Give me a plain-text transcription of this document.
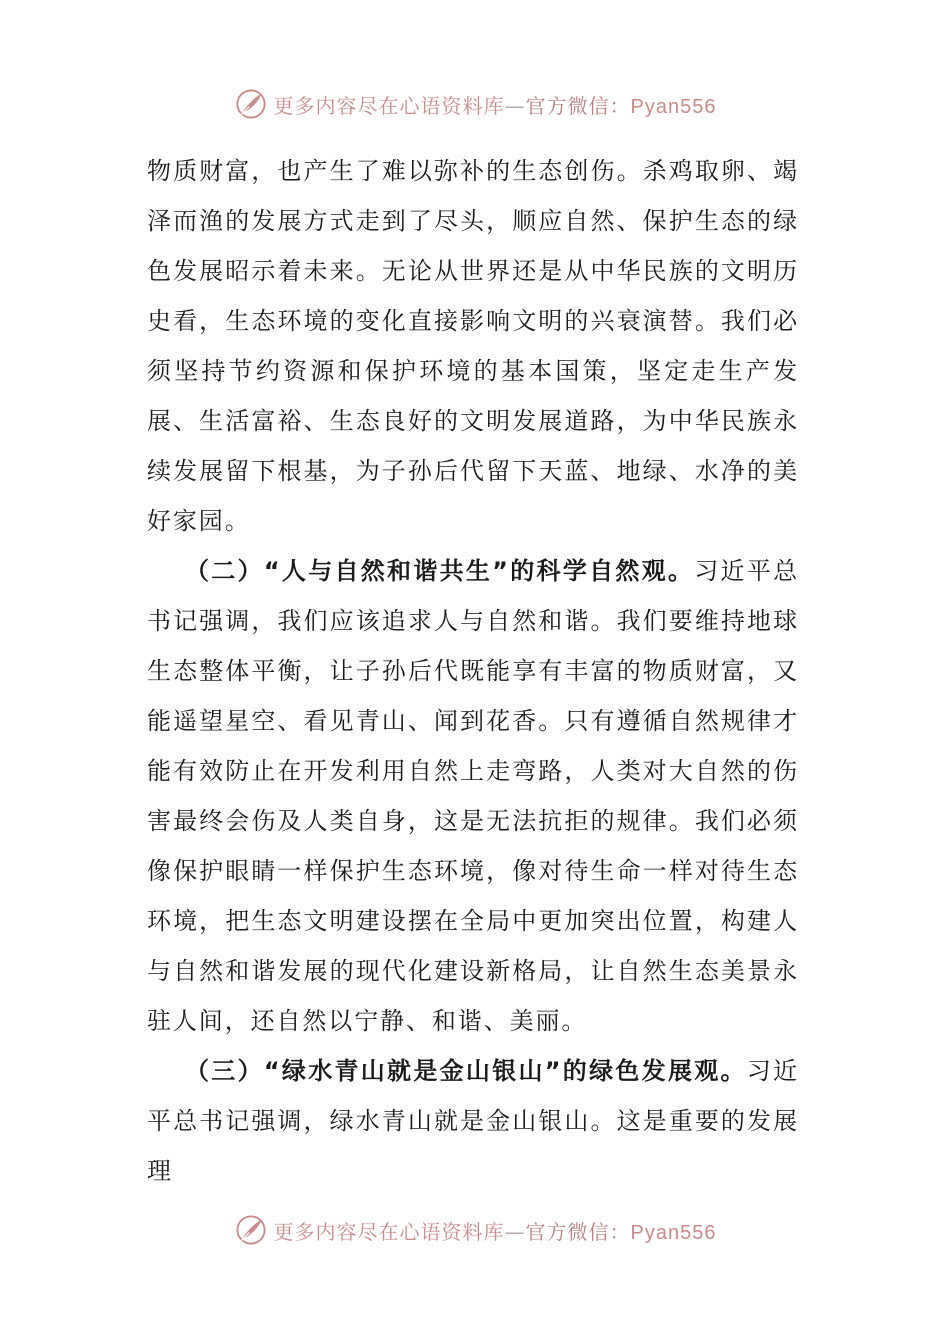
更多内容尽在心语资料库—官方微信：Pyan556

物质财富，也产生了难以弥补的生态创伤。杀鸡取卵、竭泽而渔的发展方式走到了尽头，顺应自然、保护生态的绿色发展昭示着未来。无论从世界还是从中华民族的文明历史看，生态环境的变化直接影响文明的兴衰演替。我们必须坚持节约资源和保护环境的基本国策，坚定走生产发展、生活富裕、生态良好的文明发展道路，为中华民族永续发展留下根基，为子孙后代留下天蓝、地绿、水净的美好家园。

（二）“人与自然和谐共生”的科学自然观。习近平总书记强调，我们应该追求人与自然和谐。我们要维持地球生态整体平衡，让子孙后代既能享有丰富的物质财富，又能遥望星空、看见青山、闻到花香。只有遵循自然规律才能有效防止在开发利用自然上走弯路，人类对大自然的伤害最终会伤及人类自身，这是无法抗拒的规律。我们必须像保护眼睛一样保护生态环境，像对待生命一样对待生态环境，把生态文明建设摆在全局中更加突出位置，构建人与自然和谐发展的现代化建设新格局，让自然生态美景永驻人间，还自然以宁静、和谐、美丽。

（三）“绿水青山就是金山银山”的绿色发展观。习近平总书记强调，绿水青山就是金山银山。这是重要的发展理

更多内容尽在心语资料库—官方微信：Pyan556
